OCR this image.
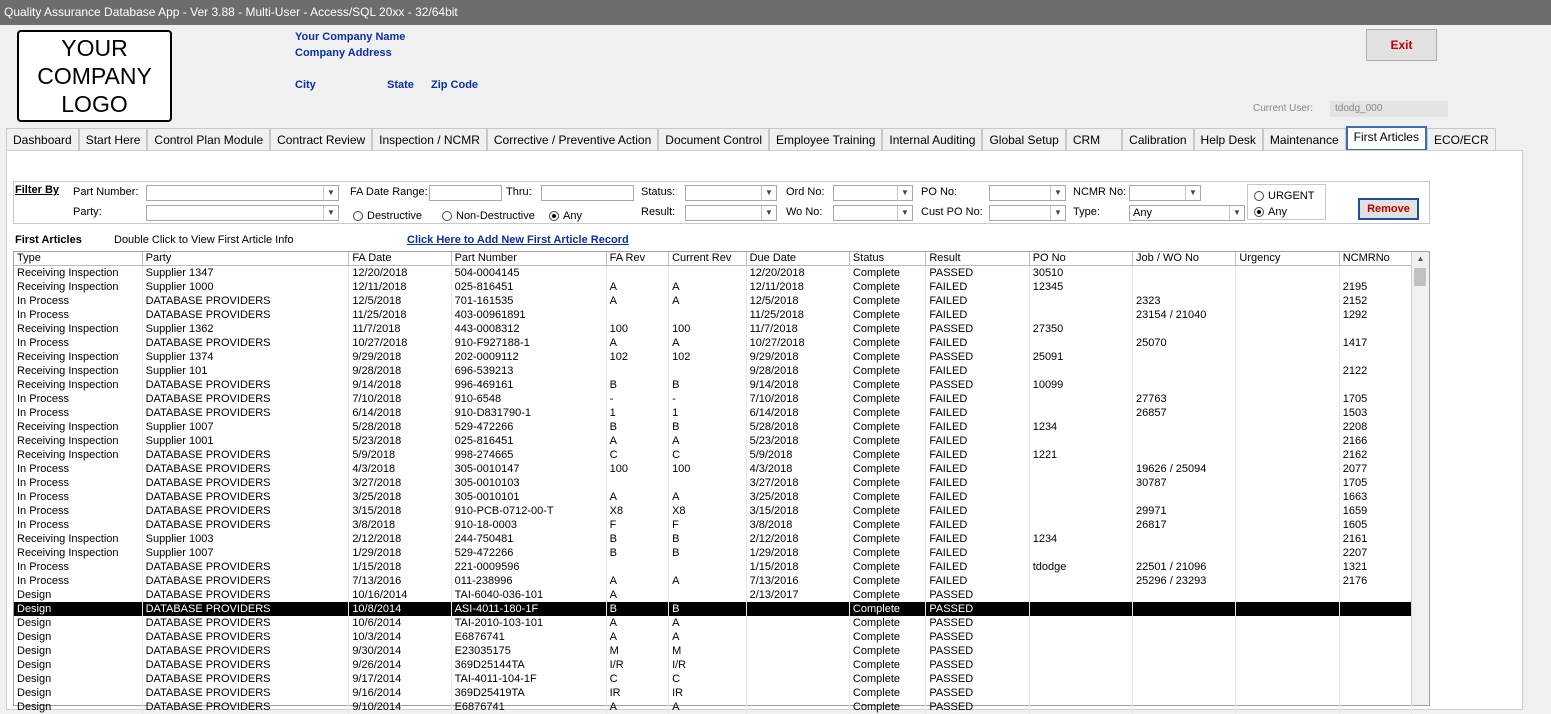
Quality Assurance Database App - Ver 3.88 - Multi-User - Access/SQL 20xx - 32/64bit
YOUR
COMPANY
LOGO
Your Company Name
Company Address
City	State Zip Code
Exit
Current User:	tdodg_000
Dashboard	Start Here	Control Plan Module	Contract Review	Inspection / NCMR	Corrective / Preventive Action	Document Control	Employee Training	Internal Auditing	Global Setup	CRM	Calibration	Help Desk	Maintenance	First Articles	ECO/ECR
Filter By Part Number:	▼
Party:	▼
FA Date Range:	Thru:
Destructive	Non-Destructive	Any
Status:	▼
Result:	▼
Ord No:	▼
Wo No:	▼
PO No:	▼
Cust PO No:	▼
NCMR No:	▼
Type:	Any	▼
URGENT
Any	Remove
First Articles	Double Click to View First Article Info	Click Here to Add New First Article Record
Type	Party	FA Date	Part Number	FA Rev	Current Rev	Due Date	Status	Result	PO No	Job / WO No	Urgency	NCMRNo
Receiving Inspection	Supplier 1347	12/20/2018	504-0004145			12/20/2018	Complete	PASSED	30510			
Receiving Inspection	Supplier 1000	12/11/2018	025-816451	A	A	12/11/2018	Complete	FAILED	12345			2195
In Process	DATABASE PROVIDERS	12/5/2018	701-161535	A	A	12/5/2018	Complete	FAILED		2323		2152
In Process	DATABASE PROVIDERS	11/25/2018	403-00961891			11/25/2018	Complete	FAILED		23154 / 21040		1292
Receiving Inspection	Supplier 1362	11/7/2018	443-0008312	100	100	11/7/2018	Complete	PASSED	27350			
In Process	DATABASE PROVIDERS	10/27/2018	910-F927188-1	A	A	10/27/2018	Complete	FAILED		25070		1417
Receiving Inspection	Supplier 1374	9/29/2018	202-0009112	102	102	9/29/2018	Complete	PASSED	25091			
Receiving Inspection	Supplier 101	9/28/2018	696-539213			9/28/2018	Complete	FAILED				2122
Receiving Inspection	DATABASE PROVIDERS	9/14/2018	996-469161	B	B	9/14/2018	Complete	PASSED	10099			
In Process	DATABASE PROVIDERS	7/10/2018	910-6548	-	-	7/10/2018	Complete	FAILED		27763		1705
In Process	DATABASE PROVIDERS	6/14/2018	910-D831790-1	1	1	6/14/2018	Complete	FAILED		26857		1503
Receiving Inspection	Supplier 1007	5/28/2018	529-472266	B	B	5/28/2018	Complete	FAILED	1234			2208
Receiving Inspection	Supplier 1001	5/23/2018	025-816451	A	A	5/23/2018	Complete	FAILED				2166
Receiving Inspection	DATABASE PROVIDERS	5/9/2018	998-274665	C	C	5/9/2018	Complete	FAILED	1221			2162
In Process	DATABASE PROVIDERS	4/3/2018	305-0010147	100	100	4/3/2018	Complete	FAILED		19626 / 25094		2077
In Process	DATABASE PROVIDERS	3/27/2018	305-0010103			3/27/2018	Complete	FAILED		30787		1705
In Process	DATABASE PROVIDERS	3/25/2018	305-0010101	A	A	3/25/2018	Complete	FAILED				1663
In Process	DATABASE PROVIDERS	3/15/2018	910-PCB-0712-00-T	X8	X8	3/15/2018	Complete	FAILED		29971		1659
In Process	DATABASE PROVIDERS	3/8/2018	910-18-0003	F	F	3/8/2018	Complete	FAILED		26817		1605
Receiving Inspection	Supplier 1003	2/12/2018	244-750481	B	B	2/12/2018	Complete	FAILED	1234			2161
Receiving Inspection	Supplier 1007	1/29/2018	529-472266	B	B	1/29/2018	Complete	FAILED				2207
In Process	DATABASE PROVIDERS	1/15/2018	221-0009596			1/15/2018	Complete	FAILED	tdodge	22501 / 21096		1321
In Process	DATABASE PROVIDERS	7/13/2016	011-238996	A	A	7/13/2016	Complete	FAILED		25296 / 23293		2176
Design	DATABASE PROVIDERS	10/16/2014	TAI-6040-036-101	A		2/13/2017	Complete	PASSED				
Design	DATABASE PROVIDERS	10/8/2014	ASI-4011-180-1F	B	B		Complete	PASSED				
Design	DATABASE PROVIDERS	10/6/2014	TAI-2010-103-101	A	A		Complete	PASSED				
Design	DATABASE PROVIDERS	10/3/2014	E6876741	A	A		Complete	PASSED				
Design	DATABASE PROVIDERS	9/30/2014	E23035175	M	M		Complete	PASSED				
Design	DATABASE PROVIDERS	9/26/2014	369D25144TA	I/R	I/R		Complete	PASSED				
Design	DATABASE PROVIDERS	9/17/2014	TAI-4011-104-1F	C	C		Complete	PASSED				
Design	DATABASE PROVIDERS	9/16/2014	369D25419TA	IR	IR		Complete	PASSED				
Design	DATABASE PROVIDERS	9/10/2014	E6876741	A	A		Complete	PASSED				
▲
